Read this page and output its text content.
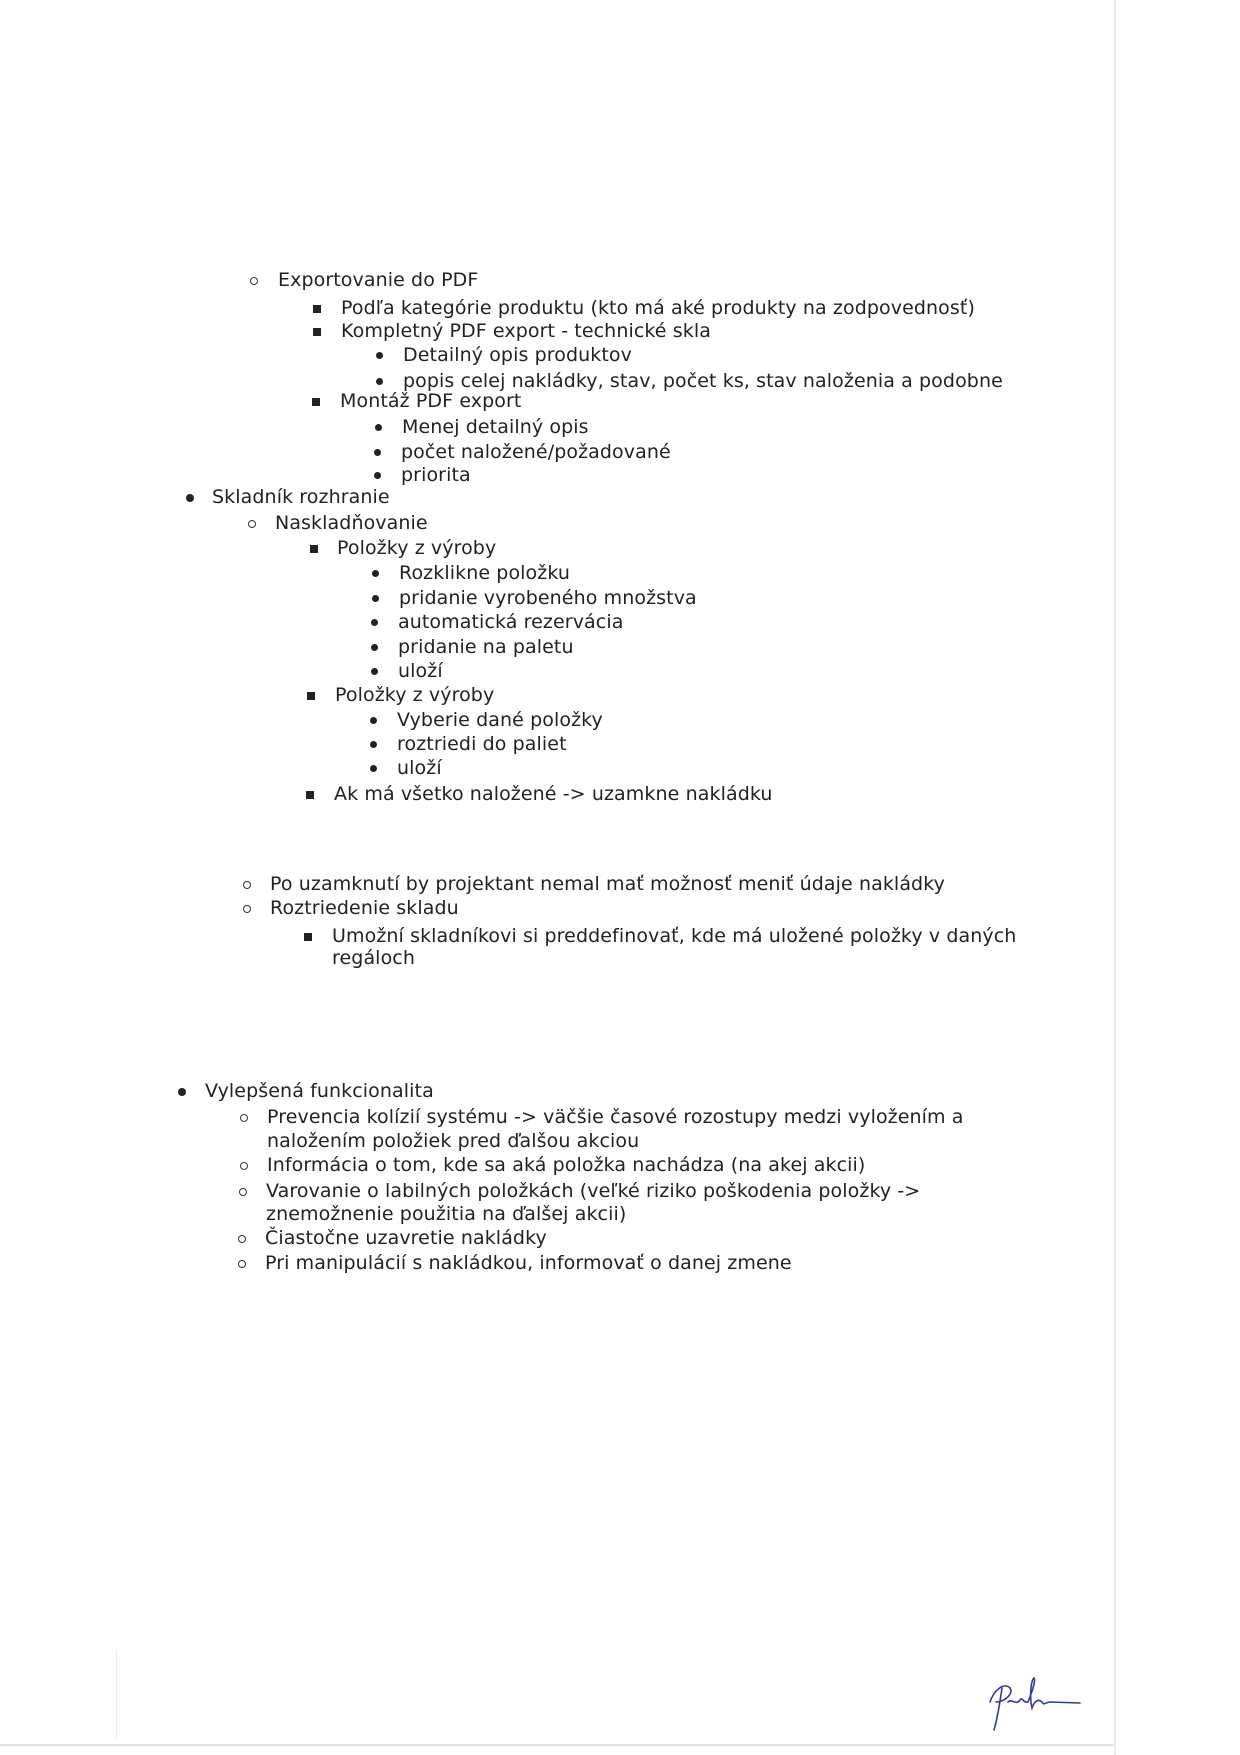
Exportovanie do PDF
Podľa kategórie produktu (kto má aké produkty na zodpovednosť)
Kompletný PDF export - technické skla
Detailný opis produktov
popis celej nakládky, stav, počet ks, stav naloženia a podobne
Montáž PDF export
Menej detailný opis
počet naložené/požadované
priorita
Skladník rozhranie
Naskladňovanie
Položky z výroby
Rozklikne položku
pridanie vyrobeného množstva
automatická rezervácia
pridanie na paletu
uloží
Položky z výroby
Vyberie dané položky
roztriedi do paliet
uloží
Ak má všetko naložené -> uzamkne nakládku
Po uzamknutí by projektant nemal mať možnosť meniť údaje nakládky
Roztriedenie skladu
Umožní skladníkovi si preddefinovať, kde má uložené položky v daných
regáloch
Vylepšená funkcionalita
Prevencia kolízií systému -> väčšie časové rozostupy medzi vyložením a
naložením položiek pred ďalšou akciou
Informácia o tom, kde sa aká položka nachádza (na akej akcii)
Varovanie o labilných položkách (veľké riziko poškodenia položky ->
znemožnenie použitia na ďalšej akcii)
Čiastočne uzavretie nakládky
Pri manipulácií s nakládkou, informovať o danej zmene
